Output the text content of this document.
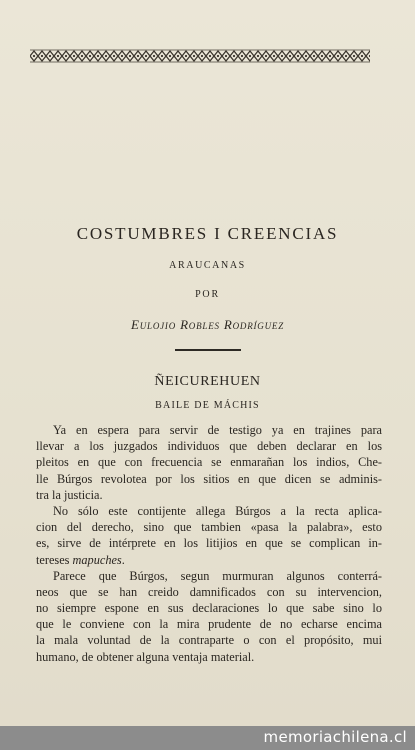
COSTUMBRES I CREENCIAS
ARAUCANAS
POR
Eulojio Robles Rodríguez
ÑEICUREHUEN
BAILE DE MÁCHIS
Ya en espera para servir de testigo ya en trajines para
llevar a los juzgados individuos que deben declarar en los
pleitos en que con frecuencia se enmarañan los indios, Che-
lle Búrgos revolotea por los sitios en que dicen se adminis-
tra la justicia.
No sólo este contijente allega Búrgos a la recta aplica-
cion del derecho, sino que tambien «pasa la palabra», esto
es, sirve de intérprete en los litijios en que se complican in-
tereses mapuches.
Parece que Búrgos, segun murmuran algunos conterrá-
neos que se han creido damnificados con su intervencion,
no siempre espone en sus declaraciones lo que sabe sino lo
que le conviene con la mira prudente de no echarse encima
la mala voluntad de la contraparte o con el propósito, mui
humano, de obtener alguna ventaja material.
memoriachilena.cl
